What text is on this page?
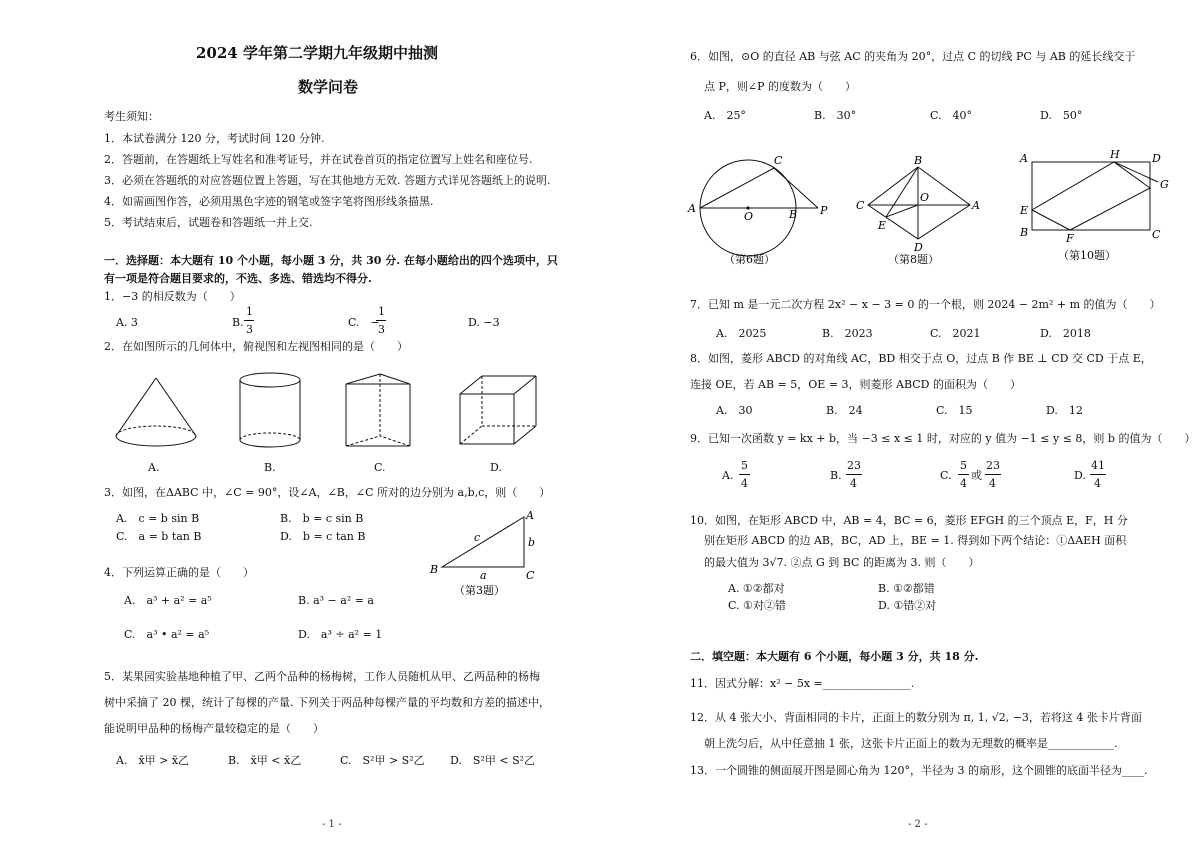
2024 学年第二学期九年级期中抽测
数学问卷
考生须知：
1．本试卷满分 120 分，考试时间 120 分钟.
2．答题前，在答题纸上写姓名和准考证号，并在试卷首页的指定位置写上姓名和座位号.
3．必须在答题纸的对应答题位置上答题，写在其他地方无效. 答题方式详见答题纸上的说明.
4．如需画图作答，必须用黑色字迹的钢笔或签字笔将图形线条描黑.
5．考试结束后，试题卷和答题纸一并上交.
一．选择题：本大题有 10 个小题，每小题 3 分，共 30 分. 在每小题给出的四个选项中，只
有一项是符合题目要求的，不选、多选、错选均不得分.
1．−3 的相反数为（　　）
A. 3	B.
1
3
C.　−
1
3
D. −3
2．在如图所示的几何体中，俯视图和左视图相同的是（　　）
A.	B.	C.	D.
3．如图，在ΔABC 中，∠C = 90°，设∠A，∠B，∠C 所对的边分别为 a,b,c，则（　　）
A.　c = b sin B	B.　b = c sin B
C.　a = b tan B	D.　b = c tan B
B	C
A
a
b
c
（第3题）
4．下列运算正确的是（　　）
A.　a³ + a² = a⁵	B. a³ − a² = a
C.　a³ • a² = a⁵	D.　a³ ÷ a² = 1
5．某果园实验基地种植了甲、乙两个品种的杨梅树，工作人员随机从甲、乙两品种的杨梅
树中采摘了 20 棵，统计了每棵的产量. 下列关于两品种每棵产量的平均数和方差的描述中，
能说明甲品种的杨梅产量较稳定的是（　　）
A.　x̄甲 > x̄乙	B.　x̄甲 < x̄乙	C.　S²甲 > S²乙 D.　S²甲 < S²乙
- 1 -
6．如图，⊙O 的直径 AB 与弦 AC 的夹角为 20°，过点 C 的切线 PC 与 AB 的延长线交于
点 P，则∠P 的度数为（　　）
A.　25°	B.　30°	C.　40°	D.　50°
A
O	B
C
P
（第6题）
B
C
O
A
E
D
（第8题）
A	H	D
G
E
B	F	C
（第10题）
7．已知 m 是一元二次方程 2x² − x − 3 = 0 的一个根，则 2024 − 2m² + m 的值为（　　）
A.　2025	B.　2023	C.　2021	D.　2018
8．如图，菱形 ABCD 的对角线 AC，BD 相交于点 O，过点 B 作 BE ⊥ CD 交 CD 于点 E，
连接 OE，若 AB = 5，OE = 3，则菱形 ABCD 的面积为（　　）
A.　30	B.　24	C.　15	D.　12
9．已知一次函数 y = kx + b，当 −3 ≤ x ≤ 1 时，对应的 y 值为 −1 ≤ y ≤ 8，则 b 的值为（　　）
A.
5
4
B.
23
4
C.
5
4
或
23
4
D.
41
4
10．如图，在矩形 ABCD 中，AB = 4，BC = 6，菱形 EFGH 的三个顶点 E，F，H 分
别在矩形 ABCD 的边 AB，BC，AD 上，BE = 1. 得到如下两个结论：①ΔAEH 面积
的最大值为 3√7. ②点 G 到 BC 的距离为 3. 则（　　）
A. ①②都对	B. ①②都错
C. ①对②错	D. ①错②对
二．填空题：本大题有 6 个小题，每小题 3 分，共 18 分.
11．因式分解：x² − 5x =________________.
12．从 4 张大小、背面相同的卡片，正面上的数分别为 π, 1, √2, −3，若将这 4 张卡片背面
朝上洗匀后，从中任意抽 1 张，这张卡片正面上的数为无理数的概率是____________.
13．一个圆锥的侧面展开图是圆心角为 120°，半径为 3 的扇形，这个圆锥的底面半径为____.
- 2 -
